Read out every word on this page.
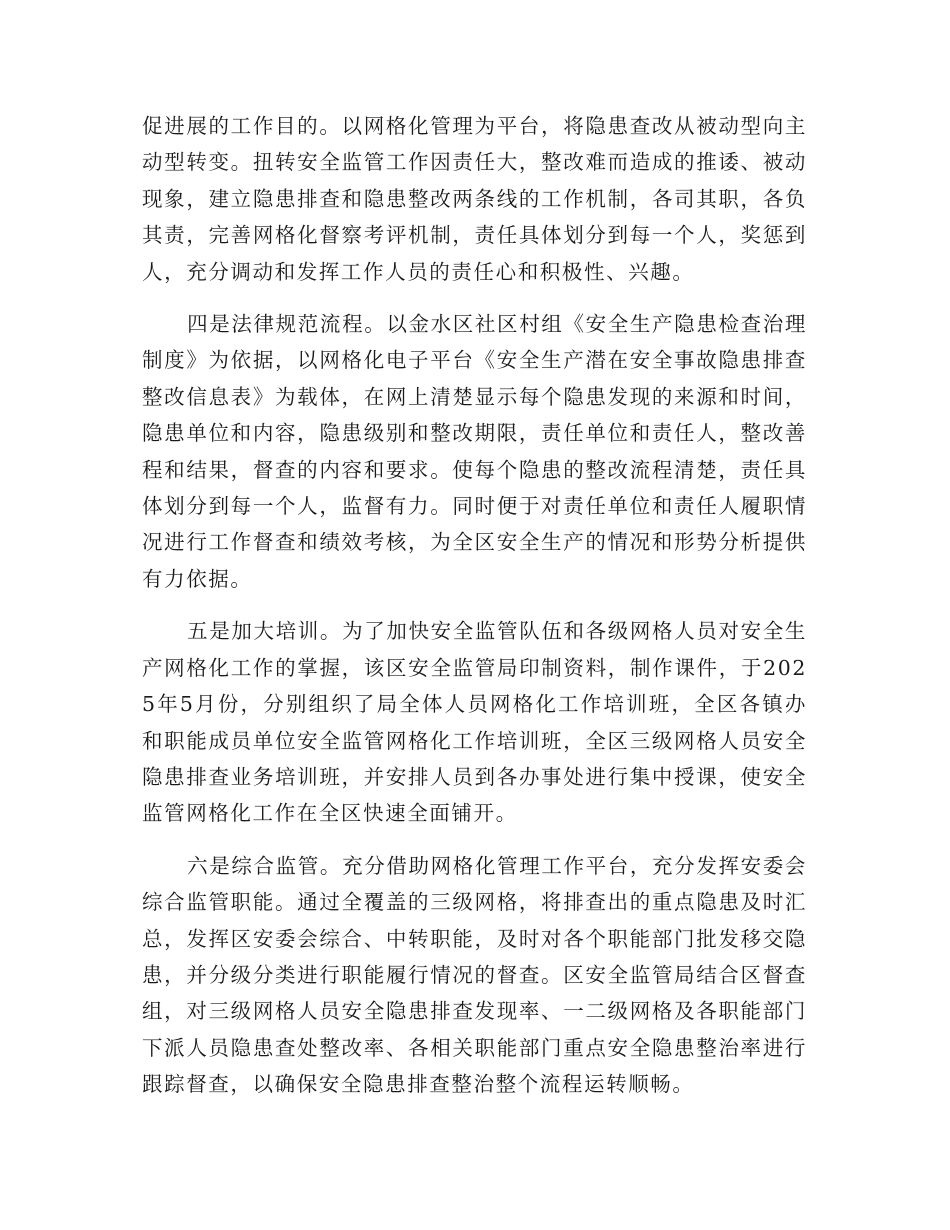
促进展的工作目的。以网格化管理为平台，将隐患查改从被动型向主动型转变。扭转安全监管工作因责任大，整改难而造成的推诿、被动现象，建立隐患排查和隐患整改两条线的工作机制，各司其职，各负其责，完善网格化督察考评机制，责任具体划分到每一个人，奖惩到人，充分调动和发挥工作人员的责任心和积极性、兴趣。

四是法律规范流程。以金水区社区村组《安全生产隐患检查治理制度》为依据，以网格化电子平台《安全生产潜在安全事故隐患排查整改信息表》为载体，在网上清楚显示每个隐患发现的来源和时间，隐患单位和内容，隐患级别和整改期限，责任单位和责任人，整改善程和结果，督查的内容和要求。使每个隐患的整改流程清楚，责任具体划分到每一个人，监督有力。同时便于对责任单位和责任人履职情况进行工作督查和绩效考核，为全区安全生产的情况和形势分析提供有力依据。

五是加大培训。为了加快安全监管队伍和各级网格人员对安全生产网格化工作的掌握，该区安全监管局印制资料，制作课件，于2025年5月份，分别组织了局全体人员网格化工作培训班，全区各镇办和职能成员单位安全监管网格化工作培训班，全区三级网格人员安全隐患排查业务培训班，并安排人员到各办事处进行集中授课，使安全监管网格化工作在全区快速全面铺开。

六是综合监管。充分借助网格化管理工作平台，充分发挥安委会综合监管职能。通过全覆盖的三级网格，将排查出的重点隐患及时汇总，发挥区安委会综合、中转职能，及时对各个职能部门批发移交隐患，并分级分类进行职能履行情况的督查。区安全监管局结合区督查组，对三级网格人员安全隐患排查发现率、一二级网格及各职能部门下派人员隐患查处整改率、各相关职能部门重点安全隐患整治率进行跟踪督查，以确保安全隐患排查整治整个流程运转顺畅。
